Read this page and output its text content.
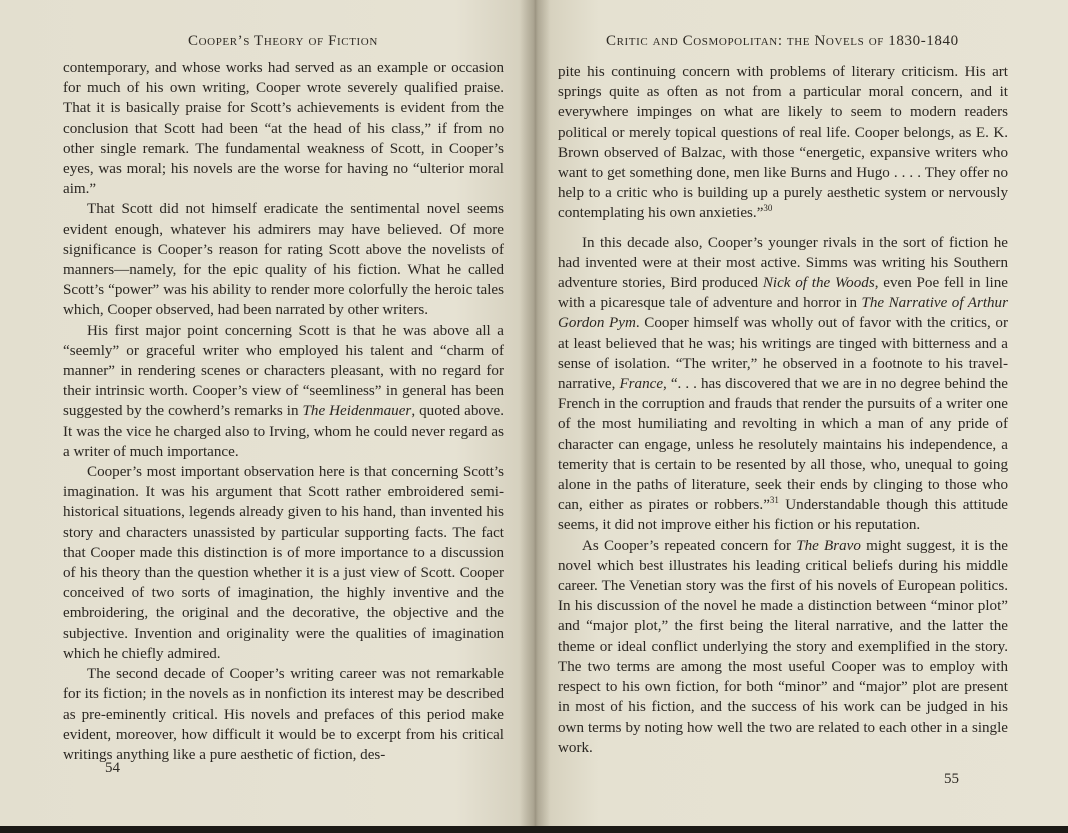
Cooper’s Theory of Fiction

contemporary, and whose works had served as an example or occasion for much of his own writing, Cooper wrote severely qualified praise. That it is basically praise for Scott’s achievements is evident from the conclusion that Scott had been “at the head of his class,” if from no other single remark. The fundamental weakness of Scott, in Cooper’s eyes, was moral; his novels are the worse for having no “ulterior moral aim.”

That Scott did not himself eradicate the sentimental novel seems evident enough, whatever his admirers may have believed. Of more significance is Cooper’s reason for rating Scott above the novelists of manners—namely, for the epic quality of his fiction. What he called Scott’s “power” was his ability to render more colorfully the heroic tales which, Cooper observed, had been narrated by other writers.

His first major point concerning Scott is that he was above all a “seemly” or graceful writer who employed his talent and “charm of manner” in rendering scenes or characters pleasant, with no regard for their intrinsic worth. Cooper’s view of “seemliness” in general has been suggested by the cowherd’s remarks in The Heidenmauer, quoted above. It was the vice he charged also to Irving, whom he could never regard as a writer of much importance.

Cooper’s most important observation here is that concerning Scott’s imagination. It was his argument that Scott rather embroidered semi-historical situations, legends already given to his hand, than invented his story and characters unassisted by particular supporting facts. The fact that Cooper made this distinction is of more importance to a discussion of his theory than the question whether it is a just view of Scott. Cooper conceived of two sorts of imagination, the highly inventive and the embroidering, the original and the decorative, the objective and the subjective. Invention and originality were the qualities of imagination which he chiefly admired.

The second decade of Cooper’s writing career was not remarkable for its fiction; in the novels as in nonfiction its interest may be described as pre-eminently critical. His novels and prefaces of this period make evident, moreover, how difficult it would be to excerpt from his critical writings anything like a pure aesthetic of fiction, des-

54
Critic and Cosmopolitan: the Novels of 1830-1840

pite his continuing concern with problems of literary criticism. His art springs quite as often as not from a particular moral concern, and it everywhere impinges on what are likely to seem to modern readers political or merely topical questions of real life. Cooper belongs, as E. K. Brown observed of Balzac, with those “energetic, expansive writers who want to get something done, men like Burns and Hugo . . . . They offer no help to a critic who is building up a purely aesthetic system or nervously contemplating his own anxieties.”$^{30}$

In this decade also, Cooper’s younger rivals in the sort of fiction he had invented were at their most active. Simms was writing his Southern adventure stories, Bird produced Nick of the Woods, even Poe fell in line with a picaresque tale of adventure and horror in The Narrative of Arthur Gordon Pym. Cooper himself was wholly out of favor with the critics, or at least believed that he was; his writings are tinged with bitterness and a sense of isolation. “The writer,” he observed in a footnote to his travel-narrative, France, “. . . has discovered that we are in no degree behind the French in the corruption and frauds that render the pursuits of a writer one of the most humiliating and revolting in which a man of any pride of character can engage, unless he resolutely maintains his independence, a temerity that is certain to be resented by all those, who, unequal to going alone in the paths of literature, seek their ends by clinging to those who can, either as pirates or robbers.”$^{31}$ Understandable though this attitude seems, it did not improve either his fiction or his reputation.

As Cooper’s repeated concern for The Bravo might suggest, it is the novel which best illustrates his leading critical beliefs during his middle career. The Venetian story was the first of his novels of European politics. In his discussion of the novel he made a distinction between “minor plot” and “major plot,” the first being the literal narrative, and the latter the theme or ideal conflict underlying the story and exemplified in the story. The two terms are among the most useful Cooper was to employ with respect to his own fiction, for both “minor” and “major” plot are present in most of his fiction, and the success of his work can be judged in his own terms by noting how well the two are related to each other in a single work.

55
